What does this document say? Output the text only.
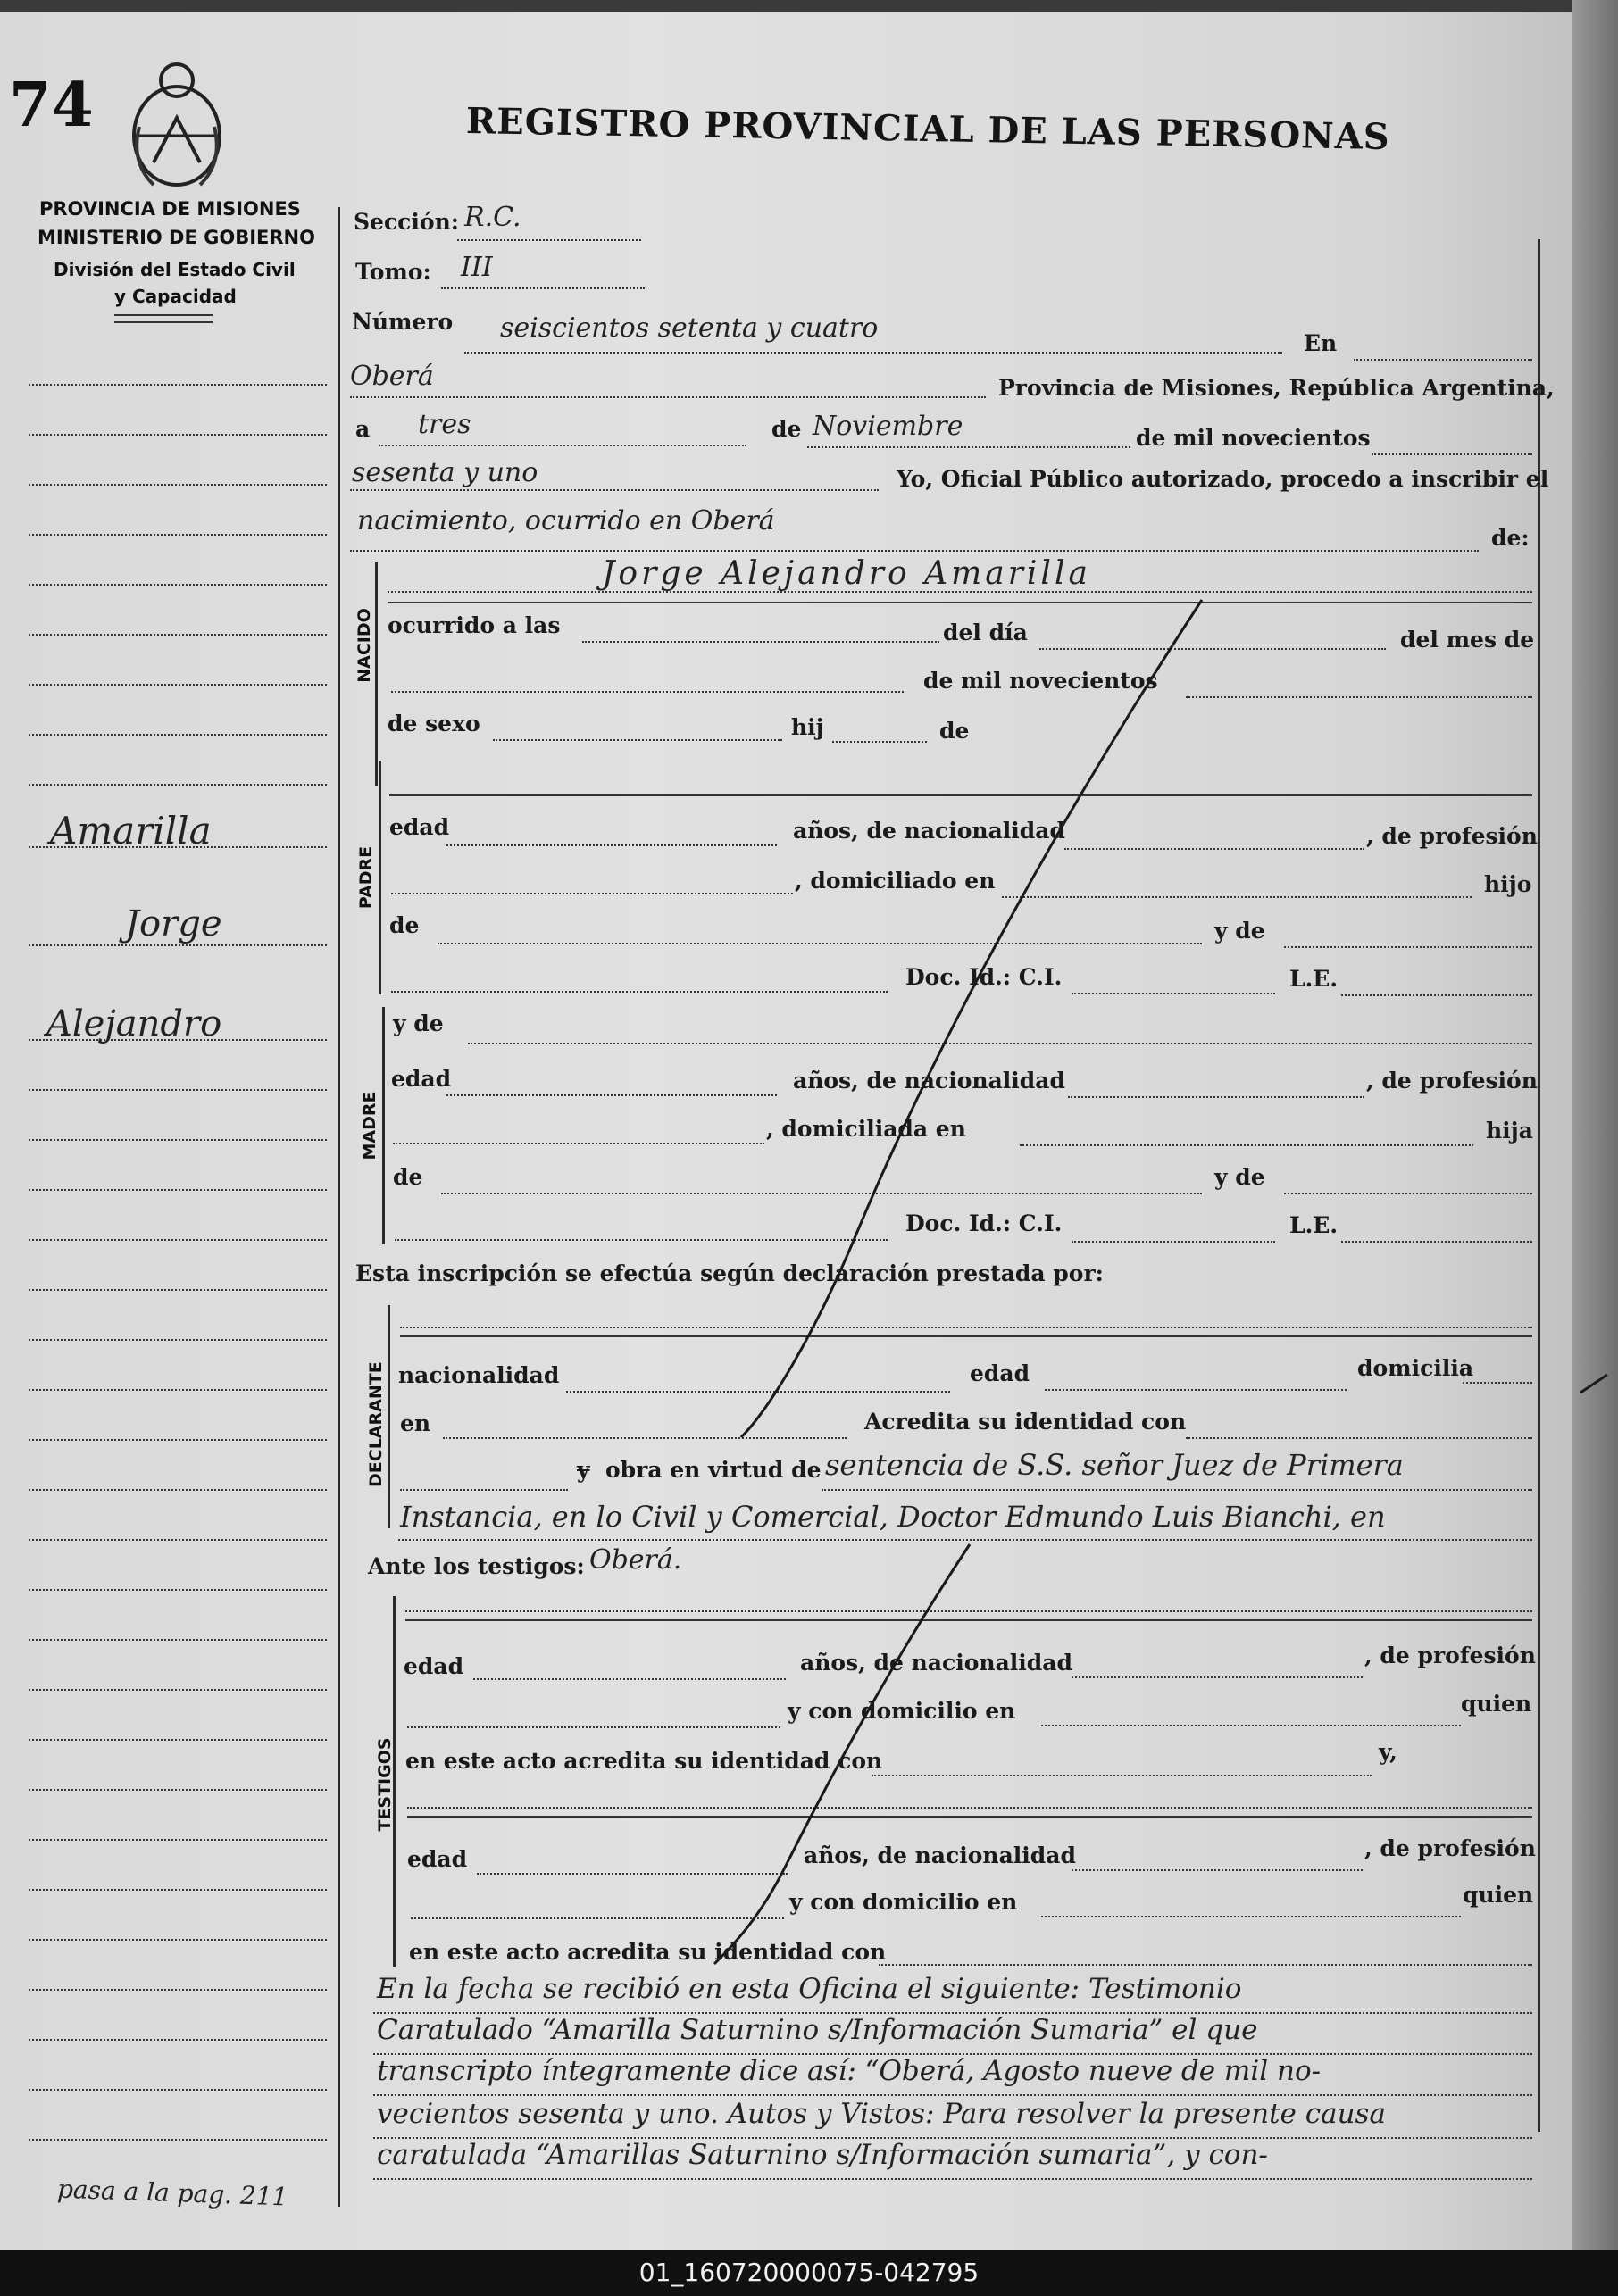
74	REGISTRO PROVINCIAL DE LAS PERSONAS
PROVINCIA DE MISIONES
MINISTERIO DE GOBIERNO
División del Estado Civil
y Capacidad
Amarilla
Jorge
Alejandro
pasa a la pag. 211
Sección: R.C.
Tomo: III
Número seiscientos setenta y cuatro	En
Oberá	Provincia de Misiones, República Argentina,
a tres	de Noviembre	de mil novecientos
sesenta y uno	Yo, Oficial Público autorizado, procedo a inscribir el
nacimiento, ocurrido en Oberá
de:
NACIDO
Jorge Alejandro Amarilla
ocurrido a las	del día	del mes de
de mil novecientos
de sexo	hij	de
PADRE
edad	años, de nacionalidad	, de profesión
, domiciliado en	hijo
de	y de
Doc. Id.: C.I.	L.E.
MADRE
y de
edad	años, de nacionalidad	, de profesión
, domiciliada en	hija
de	y de
Doc. Id.: C.I.	L.E.
Esta inscripción se efectúa según declaración prestada por:
DECLARANTE nacionalidad	edad	domicilia
en	Acredita su identidad con
y obra en virtud de sentencia de S.S. señor Juez de Primera
Instancia, en lo Civil y Comercial, Doctor Edmundo Luis Bianchi, en
Ante los testigos: Oberá.
TESTIGOS
edad	años, de nacionalidad	, de profesión
y con domicilio en	quien
en este acto acredita su identidad con	y,
edad	años, de nacionalidad	, de profesión
y con domicilio en	quien
en este acto acredita su identidad con
En la fecha se recibió en esta Oficina el siguiente: Testimonio
Caratulado “Amarilla Saturnino s/Información Sumaria” el que
transcripto íntegramente dice así: “Oberá, Agosto nueve de mil no-
vecientos sesenta y uno. Autos y Vistos: Para resolver la presente causa
caratulada “Amarillas Saturnino s/Información sumaria”, y con-
01_160720000075-042795
